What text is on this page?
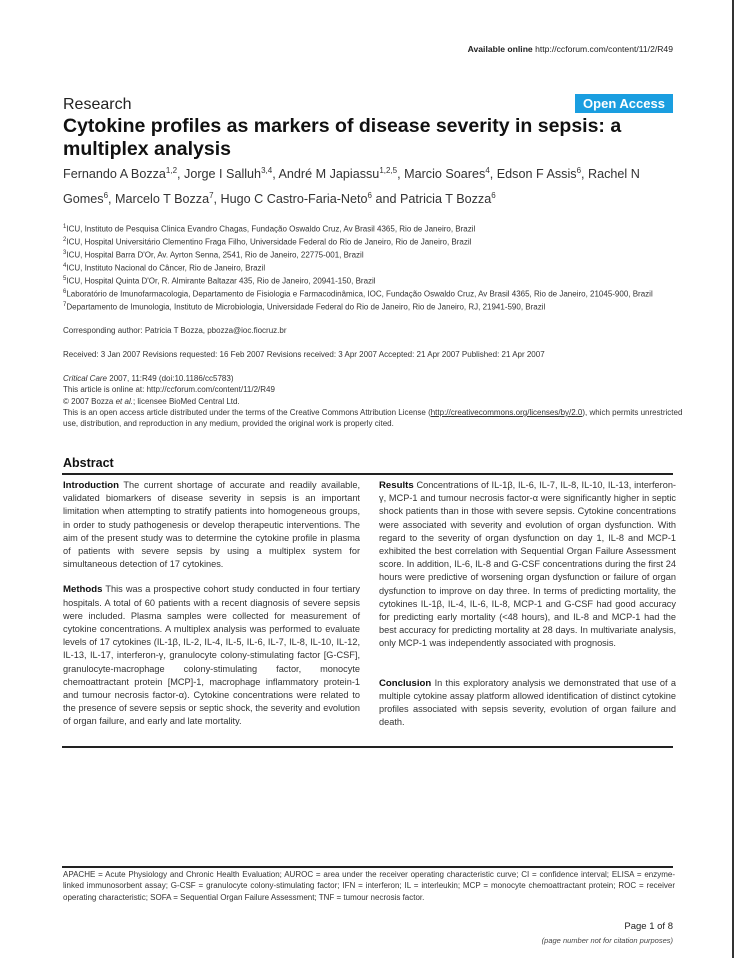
Available online http://ccforum.com/content/11/2/R49
Research	Open Access
Cytokine profiles as markers of disease severity in sepsis: a multiplex analysis
Fernando A Bozza$^{1,2}$, Jorge I Salluh$^{3,4}$, André M Japiassu$^{1,2,5}$, Marcio Soares$^4$, Edson F Assis$^6$, Rachel N Gomes$^6$, Marcelo T Bozza$^7$, Hugo C Castro-Faria-Neto$^6$ and Patricia T Bozza$^6$
$^1$ICU, Instituto de Pesquisa Clinica Evandro Chagas, Fundação Oswaldo Cruz, Av Brasil 4365, Rio de Janeiro, Brazil
$^2$ICU, Hospital Universitário Clementino Fraga Filho, Universidade Federal do Rio de Janeiro, Rio de Janeiro, Brazil
$^3$ICU, Hospital Barra D'Or, Av. Ayrton Senna, 2541, Rio de Janeiro, 22775-001, Brazil
$^4$ICU, Instituto Nacional do Câncer, Rio de Janeiro, Brazil
$^5$ICU, Hospital Quinta D'Or, R. Almirante Baltazar 435, Rio de Janeiro, 20941-150, Brazil
$^6$Laboratório de Imunofarmacologia, Departamento de Fisiologia e Farmacodinâmica, IOC, Fundação Oswaldo Cruz, Av Brasil 4365, Rio de Janeiro, 21045-900, Brazil
$^7$Departamento de Imunologia, Instituto de Microbiologia, Universidade Federal do Rio de Janeiro, Rio de Janeiro, RJ, 21941-590, Brazil
Corresponding author: Patricia T Bozza, pbozza@ioc.fiocruz.br
Received: 3 Jan 2007 Revisions requested: 16 Feb 2007 Revisions received: 3 Apr 2007 Accepted: 21 Apr 2007 Published: 21 Apr 2007
Critical Care 2007, 11:R49 (doi:10.1186/cc5783)
This article is online at: http://ccforum.com/content/11/2/R49
© 2007 Bozza et al.; licensee BioMed Central Ltd.
This is an open access article distributed under the terms of the Creative Commons Attribution License (http://creativecommons.org/licenses/by/2.0), which permits unrestricted use, distribution, and reproduction in any medium, provided the original work is properly cited.
Abstract

Introduction The current shortage of accurate and readily available, validated biomarkers of disease severity in sepsis is an important limitation when attempting to stratify patients into homogeneous groups, in order to study pathogenesis or develop therapeutic interventions. The aim of the present study was to determine the cytokine profile in plasma of patients with severe sepsis by using a multiplex system for simultaneous detection of 17 cytokines.

Methods This was a prospective cohort study conducted in four tertiary hospitals. A total of 60 patients with a recent diagnosis of severe sepsis were included. Plasma samples were collected for measurement of cytokine concentrations. A multiplex analysis was performed to evaluate levels of 17 cytokines (IL-1β, IL-2, IL-4, IL-5, IL-6, IL-7, IL-8, IL-10, IL-12, IL-13, IL-17, interferon-γ, granulocyte colony-stimulating factor [G-CSF], granulocyte-macrophage colony-stimulating factor, monocyte chemoattractant protein [MCP]-1, macrophage inflammatory protein-1 and tumour necrosis factor-α). Cytokine concentrations were related to the presence of severe sepsis or septic shock, the severity and evolution of organ failure, and early and late mortality.

Results Concentrations of IL-1β, IL-6, IL-7, IL-8, IL-10, IL-13, interferon-γ, MCP-1 and tumour necrosis factor-α were significantly higher in septic shock patients than in those with severe sepsis. Cytokine concentrations were associated with severity and evolution of organ dysfunction. With regard to the severity of organ dysfunction on day 1, IL-8 and MCP-1 exhibited the best correlation with Sequential Organ Failure Assessment score. In addition, IL-6, IL-8 and G-CSF concentrations during the first 24 hours were predictive of worsening organ dysfunction or failure of organ dysfunction to improve on day three. In terms of predicting mortality, the cytokines IL-1β, IL-4, IL-6, IL-8, MCP-1 and G-CSF had good accuracy for predicting early mortality (<48 hours), and IL-8 and MCP-1 had the best accuracy for predicting mortality at 28 days. In multivariate analysis, only MCP-1 was independently associated with prognosis.

Conclusion In this exploratory analysis we demonstrated that use of a multiple cytokine assay platform allowed identification of distinct cytokine profiles associated with sepsis severity, evolution of organ failure and death.

APACHE = Acute Physiology and Chronic Health Evaluation; AUROC = area under the receiver operating characteristic curve; CI = confidence interval; ELISA = enzyme-linked immunosorbent assay; G-CSF = granulocyte colony-stimulating factor; IFN = interferon; IL = interleukin; MCP = monocyte chemoattractant protein; ROC = receiver operating characteristic; SOFA = Sequential Organ Failure Assessment; TNF = tumour necrosis factor.
Page 1 of 8
(page number not for citation purposes)
